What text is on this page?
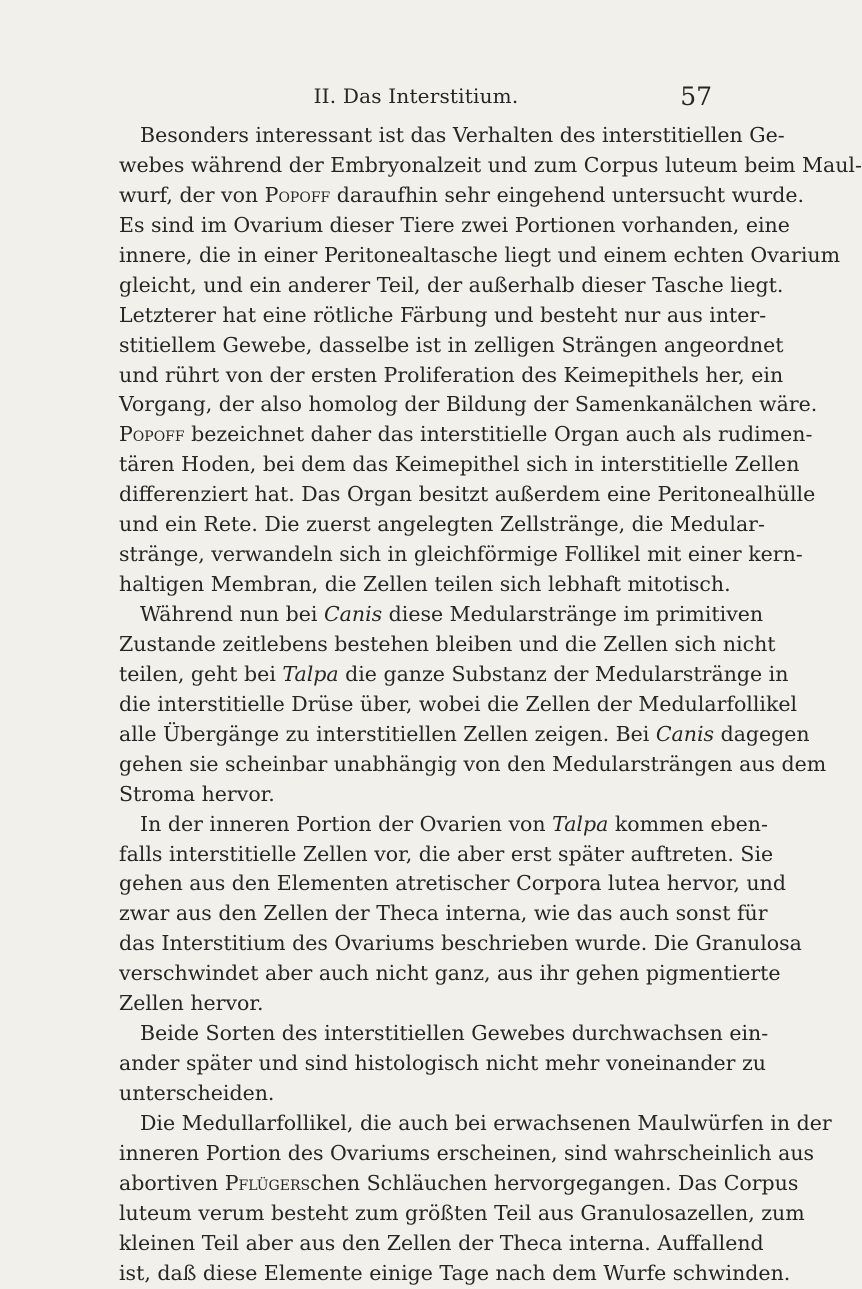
II. Das Interstitium.	57
Besonders interessant ist das Verhalten des interstitiellen Ge-
webes während der Embryonalzeit und zum Corpus luteum beim Maul-
wurf, der von Popoff daraufhin sehr eingehend untersucht wurde.
Es sind im Ovarium dieser Tiere zwei Portionen vorhanden, eine
innere, die in einer Peritonealtasche liegt und einem echten Ovarium
gleicht, und ein anderer Teil, der außerhalb dieser Tasche liegt.
Letzterer hat eine rötliche Färbung und besteht nur aus inter-
stitiellem Gewebe, dasselbe ist in zelligen Strängen angeordnet
und rührt von der ersten Proliferation des Keimepithels her, ein
Vorgang, der also homolog der Bildung der Samenkanälchen wäre.
Popoff bezeichnet daher das interstitielle Organ auch als rudimen-
tären Hoden, bei dem das Keimepithel sich in interstitielle Zellen
differenziert hat. Das Organ besitzt außerdem eine Peritonealhülle
und ein Rete. Die zuerst angelegten Zellstränge, die Medular-
stränge, verwandeln sich in gleichförmige Follikel mit einer kern-
haltigen Membran, die Zellen teilen sich lebhaft mitotisch.
Während nun bei Canis diese Medularstränge im primitiven
Zustande zeitlebens bestehen bleiben und die Zellen sich nicht
teilen, geht bei Talpa die ganze Substanz der Medularstränge in
die interstitielle Drüse über, wobei die Zellen der Medularfollikel
alle Übergänge zu interstitiellen Zellen zeigen. Bei Canis dagegen
gehen sie scheinbar unabhängig von den Medularsträngen aus dem
Stroma hervor.
In der inneren Portion der Ovarien von Talpa kommen eben-
falls interstitielle Zellen vor, die aber erst später auftreten. Sie
gehen aus den Elementen atretischer Corpora lutea hervor, und
zwar aus den Zellen der Theca interna, wie das auch sonst für
das Interstitium des Ovariums beschrieben wurde. Die Granulosa
verschwindet aber auch nicht ganz, aus ihr gehen pigmentierte
Zellen hervor.
Beide Sorten des interstitiellen Gewebes durchwachsen ein-
ander später und sind histologisch nicht mehr voneinander zu
unterscheiden.
Die Medullarfollikel, die auch bei erwachsenen Maulwürfen in der
inneren Portion des Ovariums erscheinen, sind wahrscheinlich aus
abortiven Pflügerschen Schläuchen hervorgegangen. Das Corpus
luteum verum besteht zum größten Teil aus Granulosazellen, zum
kleinen Teil aber aus den Zellen der Theca interna. Auffallend
ist, daß diese Elemente einige Tage nach dem Wurfe schwinden.
